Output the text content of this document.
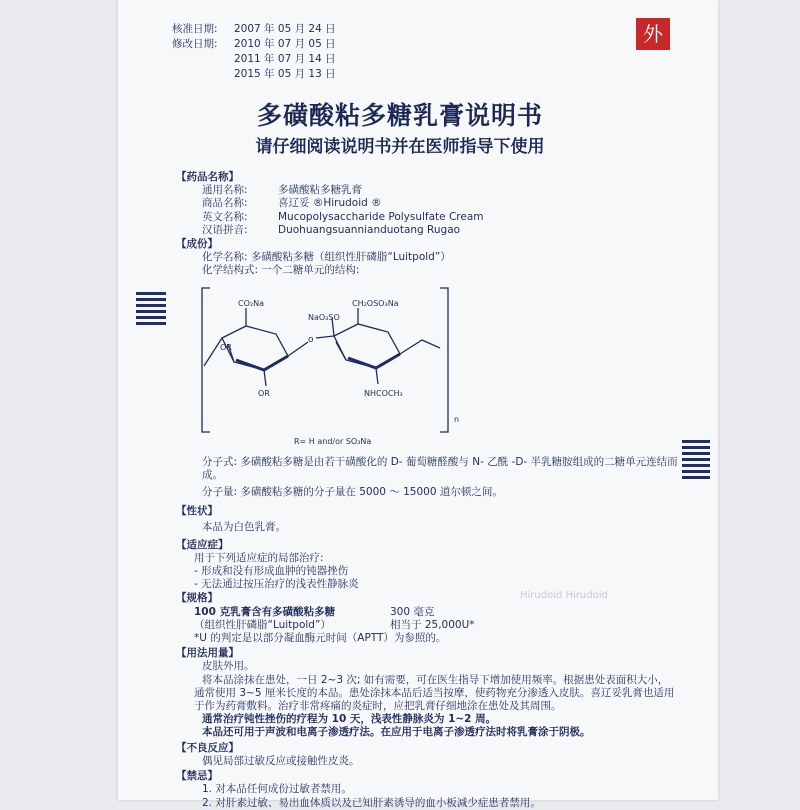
核准日期:	2007 年 05 月 24 日
修改日期:	2010 年 07 月 05 日
2011 年 07 月 14 日
2015 年 05 月 13 日
外
多磺酸粘多糖乳膏说明书
请仔细阅读说明书并在医师指导下使用
【药品名称】
通用名称:	多磺酸粘多糖乳膏
商品名称:	喜辽妥 ®Hirudoid ®
英文名称:	Mucopolysaccharide Polysulfate Cream
汉语拼音:	Duohuangsuannianduotang Rugao
【成份】
化学名称: 多磺酸粘多糖（组织性肝磷脂“Luitpold”）
化学结构式: 一个二糖单元的结构:
分子式: 多磺酸粘多糖是由若干磺酸化的 D- 葡萄糖醛酸与 N- 乙酰 -D- 半乳糖胺组成的二糖单元连结而成。
分子量: 多磺酸粘多糖的分子量在 5000 ～ 15000 道尔顿之间。
【性状】
本品为白色乳膏。
【适应症】
用于下列适应症的局部治疗:
- 形成和没有形成血肿的钝器挫伤
- 无法通过按压治疗的浅表性静脉炎
【规格】
100 克乳膏含有多磺酸粘多糖	300 毫克
（组织性肝磷脂“Luitpold”）	相当于 25,000U*
*U 的判定是以部分凝血酶元时间（APTT）为参照的。
【用法用量】
皮肤外用。
将本品涂抹在患处，一日 2~3 次; 如有需要，可在医生指导下增加使用频率。根据患处表面积大小，
通常使用 3~5 厘米长度的本品。患处涂抹本品后适当按摩，使药物充分渗透入皮肤。喜辽妥乳膏也适用
于作为药膏敷料。治疗非常疼痛的炎症时，应把乳膏仔细地涂在患处及其周围。
通常治疗钝性挫伤的疗程为 10 天，浅表性静脉炎为 1~2 周。
本品还可用于声波和电离子渗透疗法。在应用于电离子渗透疗法时将乳膏涂于阴极。
【不良反应】
偶见局部过敏反应或接触性皮炎。
【禁忌】
1. 对本品任何成份过敏者禁用。
2. 对肝素过敏、易出血体质以及已知肝素诱导的血小板减少症患者禁用。
Hirudoid Hirudoid
CO₂Na
NaO₃SO
CH₂OSO₃Na
OR
OR	NHCOCH₃
n
R= H and/or SO₃Na
o
